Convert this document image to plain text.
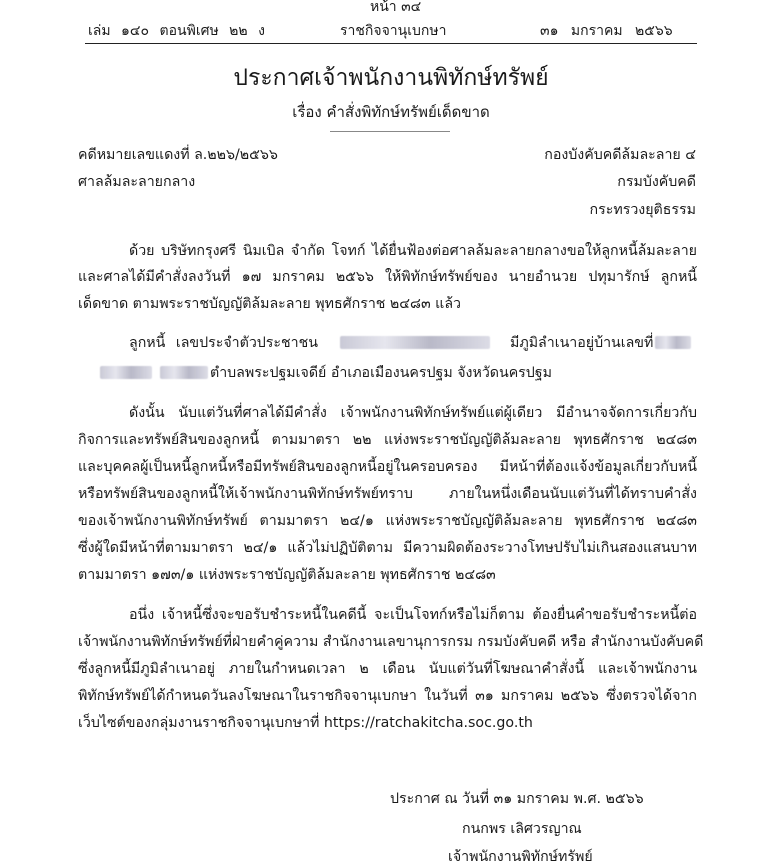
หน้า ๓๔
เล่ม ๑๔๐ ตอนพิเศษ ๒๒ ง	ราชกิจจานุเบกษา	๓๑ มกราคม ๒๕๖๖
ประกาศเจ้าพนักงานพิทักษ์ทรัพย์
เรื่อง คำสั่งพิทักษ์ทรัพย์เด็ดขาด
คดีหมายเลขแดงที่ ล.๒๒๖/๒๕๖๖
ศาลล้มละลายกลาง
กองบังคับคดีล้มละลาย ๔
กรมบังคับคดี
กระทรวงยุติธรรม
ด้วย บริษัทกรุงศรี นิมเบิล จำกัด โจทก์ ได้ยื่นฟ้องต่อศาลล้มละลายกลางขอให้ลูกหนี้ล้มละลาย
และศาลได้มีคำสั่งลงวันที่ ๑๗ มกราคม ๒๕๖๖ ให้พิทักษ์ทรัพย์ของ นายอำนวย ปทุมารักษ์ ลูกหนี้
เด็ดขาด ตามพระราชบัญญัติล้มละลาย พุทธศักราช ๒๔๘๓ แล้ว
ลูกหนี้ เลขประจำตัวประชาชน	มีภูมิลำเนาอยู่บ้านเลขที่
ตำบลพระปฐมเจดีย์ อำเภอเมืองนครปฐม จังหวัดนครปฐม
ดังนั้น นับแต่วันที่ศาลได้มีคำสั่ง เจ้าพนักงานพิทักษ์ทรัพย์แต่ผู้เดียว มีอำนาจจัดการเกี่ยวกับ
กิจการและทรัพย์สินของลูกหนี้ ตามมาตรา ๒๒ แห่งพระราชบัญญัติล้มละลาย พุทธศักราช ๒๔๘๓
และบุคคลผู้เป็นหนี้ลูกหนี้หรือมีทรัพย์สินของลูกหนี้อยู่ในครอบครอง มีหน้าที่ต้องแจ้งข้อมูลเกี่ยวกับหนี้
หรือทรัพย์สินของลูกหนี้ให้เจ้าพนักงานพิทักษ์ทรัพย์ทราบ ภายในหนึ่งเดือนนับแต่วันที่ได้ทราบคำสั่ง
ของเจ้าพนักงานพิทักษ์ทรัพย์ ตามมาตรา ๒๔/๑ แห่งพระราชบัญญัติล้มละลาย พุทธศักราช ๒๔๘๓
ซึ่งผู้ใดมีหน้าที่ตามมาตรา ๒๔/๑ แล้วไม่ปฏิบัติตาม มีความผิดต้องระวางโทษปรับไม่เกินสองแสนบาท
ตามมาตรา ๑๗๓/๑ แห่งพระราชบัญญัติล้มละลาย พุทธศักราช ๒๔๘๓
อนึ่ง เจ้าหนี้ซึ่งจะขอรับชำระหนี้ในคดีนี้ จะเป็นโจทก์หรือไม่ก็ตาม ต้องยื่นคำขอรับชำระหนี้ต่อ
เจ้าพนักงานพิทักษ์ทรัพย์ที่ฝ่ายคำคู่ความ สำนักงานเลขานุการกรม กรมบังคับคดี หรือ สำนักงานบังคับคดี
ซึ่งลูกหนี้มีภูมิลำเนาอยู่ ภายในกำหนดเวลา ๒ เดือน นับแต่วันที่โฆษณาคำสั่งนี้ และเจ้าพนักงาน
พิทักษ์ทรัพย์ได้กำหนดวันลงโฆษณาในราชกิจจานุเบกษา ในวันที่ ๓๑ มกราคม ๒๕๖๖ ซึ่งตรวจได้จาก
เว็บไซต์ของกลุ่มงานราชกิจจานุเบกษาที่ https://ratchakitcha.soc.go.th
ประกาศ ณ วันที่ ๓๑ มกราคม พ.ศ. ๒๕๖๖
กนกพร เลิศวรญาณ
เจ้าพนักงานพิทักษ์ทรัพย์
